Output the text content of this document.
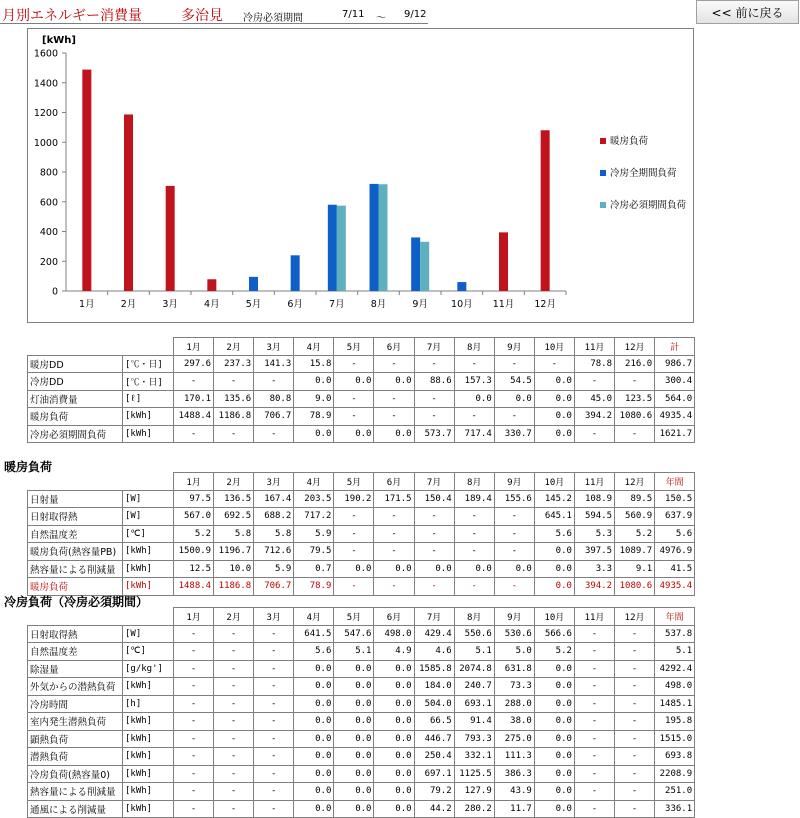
月別エネルギー消費量	多治見 冷房必須期間	7/11 〜 9/12	<< 前に戻る
[kWh]
0
200
400
600
800
1000
1200
1400
1600
1月	2月	3月	4月	5月	6月	7月	8月	9月 10月 11月 12月
暖房負荷
冷房全期間負荷
冷房必須期間負荷
		1月	2月	3月	4月	5月	6月	7月	8月	9月	10月	11月	12月	計
暖房DD	[℃・日]	297.6	237.3	141.3	15.8	-	-	-	-	-	-	78.8	216.0	986.7
冷房DD	[℃・日]	-	-	-	0.0	0.0	0.0	88.6	157.3	54.5	0.0	-	-	300.4
灯油消費量	[ℓ]	170.1	135.6	80.8	9.0	-	-	-	0.0	0.0	0.0	45.0	123.5	564.0
暖房負荷	[kWh]	1488.4	1186.8	706.7	78.9	-	-	-	-	-	0.0	394.2	1080.6	4935.4
冷房必須期間負荷	[kWh]	-	-	-	0.0	0.0	0.0	573.7	717.4	330.7	0.0	-	-	1621.7
暖房負荷
		1月	2月	3月	4月	5月	6月	7月	8月	9月	10月	11月	12月	年間
日射量	[W]	97.5	136.5	167.4	203.5	190.2	171.5	150.4	189.4	155.6	145.2	108.9	89.5	150.5
日射取得熱	[W]	567.0	692.5	688.2	717.2	-	-	-	-	-	645.1	594.5	560.9	637.9
自然温度差	[℃]	5.2	5.8	5.8	5.9	-	-	-	-	-	5.6	5.3	5.2	5.6
暖房負荷(熱容量PB)	[kWh]	1500.9	1196.7	712.6	79.5	-	-	-	-	-	0.0	397.5	1089.7	4976.9
熱容量による削減量	[kWh]	12.5	10.0	5.9	0.7	0.0	0.0	0.0	0.0	0.0	0.0	3.3	9.1	41.5
暖房負荷	[kWh]	1488.4	1186.8	706.7	78.9	-	-	-	-	-	0.0	394.2	1080.6	4935.4
冷房負荷（冷房必須期間）
		1月	2月	3月	4月	5月	6月	7月	8月	9月	10月	11月	12月	年間
日射取得熱	[W]	-	-	-	641.5	547.6	498.0	429.4	550.6	530.6	566.6	-	-	537.8
自然温度差	[℃]	-	-	-	5.6	5.1	4.9	4.6	5.1	5.0	5.2	-	-	5.1
除湿量	[g/kg']	-	-	-	0.0	0.0	0.0	1585.8	2074.8	631.8	0.0	-	-	4292.4
外気からの潜熱負荷	[kWh]	-	-	-	0.0	0.0	0.0	184.0	240.7	73.3	0.0	-	-	498.0
冷房時間	[h]	-	-	-	0.0	0.0	0.0	504.0	693.1	288.0	0.0	-	-	1485.1
室内発生潜熱負荷	[kWh]	-	-	-	0.0	0.0	0.0	66.5	91.4	38.0	0.0	-	-	195.8
顕熱負荷	[kWh]	-	-	-	0.0	0.0	0.0	446.7	793.3	275.0	0.0	-	-	1515.0
潜熱負荷	[kWh]	-	-	-	0.0	0.0	0.0	250.4	332.1	111.3	0.0	-	-	693.8
冷房負荷(熱容量0)	[kWh]	-	-	-	0.0	0.0	0.0	697.1	1125.5	386.3	0.0	-	-	2208.9
熱容量による削減量	[kWh]	-	-	-	0.0	0.0	0.0	79.2	127.9	43.9	0.0	-	-	251.0
通風による削減量	[kWh]	-	-	-	0.0	0.0	0.0	44.2	280.2	11.7	0.0	-	-	336.1
